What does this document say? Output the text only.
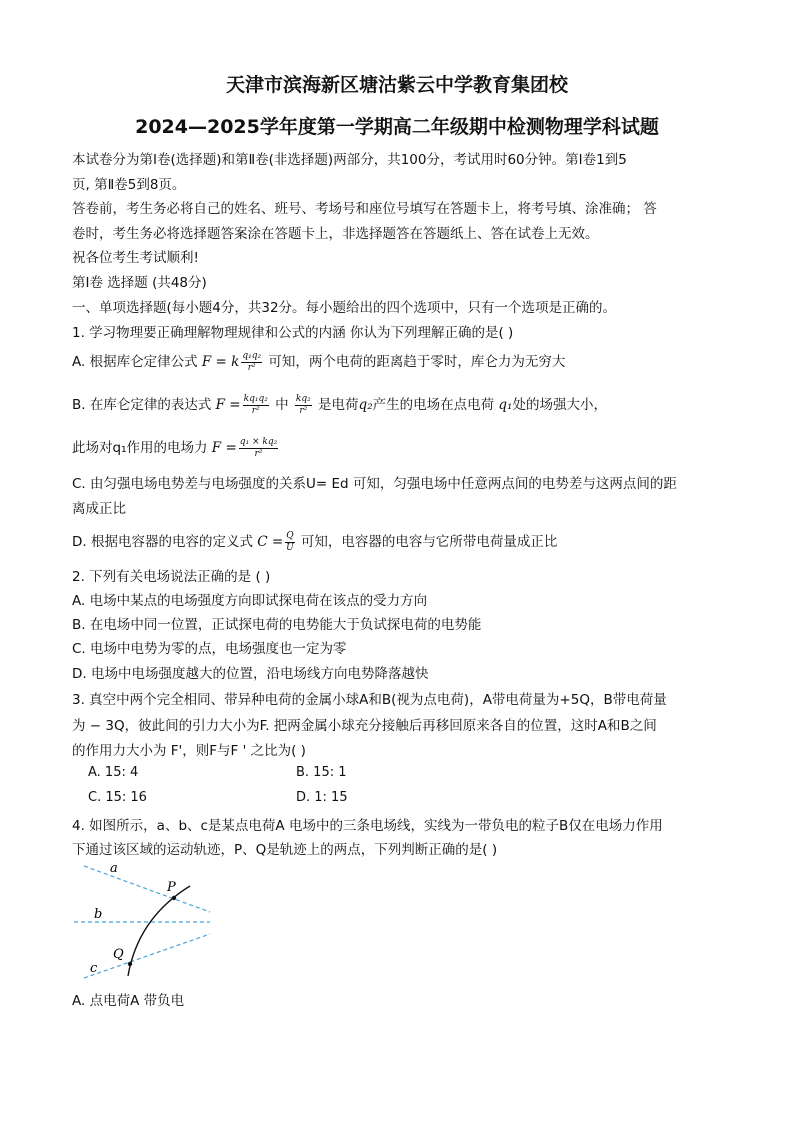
天津市滨海新区塘沽紫云中学教育集团校
2024—2025学年度第一学期高二年级期中检测物理学科试题
本试卷分为第Ⅰ卷(选择题)和第Ⅱ卷(非选择题)两部分，共100分，考试用时60分钟。第Ⅰ卷1到5
页, 第Ⅱ卷5到8页。
答卷前，考生务必将自己的姓名、班号、考场号和座位号填写在答题卡上，将考号填、涂准确； 答
卷时，考生务必将选择题答案涂在答题卡上，非选择题答在答题纸上、答在试卷上无效。
祝各位考生考试顺利!
第Ⅰ卷 选择题 (共48分)
一、单项选择题(每小题4分，共32分。每小题给出的四个选项中，只有一个选项是正确的。
1. 学习物理要正确理解物理规律和公式的内涵 你认为下列理解正确的是( )
A. 根据库仑定律公式 F = k $\frac{\text{q₁q₂}}{\text{r²}}$ 可知，两个电荷的距离趋于零时，库仑力为无穷大
B. 在库仑定律的表达式 $F = \frac{\text{kq₁q₂}}{\text{r²}}$ 中 $\frac{\text{kq₂}}{\text{r²}}$ 是电荷q₂产生的电场在点电荷 q₁处的场强大小，
此场对q₁作用的电场力 $F = \frac{\text{q₁ × kq₂}}{\text{r²}}$
C. 由匀强电场电势差与电场强度的关系U= Ed 可知，匀强电场中任意两点间的电势差与这两点间的距
离成正比
D. 根据电容器的电容的定义式 $C = \frac{Q}{U}$ 可知，电容器的电容与它所带电荷量成正比
2. 下列有关电场说法正确的是 ( )
A. 电场中某点的电场强度方向即试探电荷在该点的受力方向
B. 在电场中同一位置，正试探电荷的电势能大于负试探电荷的电势能
C. 电场中电势为零的点，电场强度也一定为零
D. 电场中电场强度越大的位置，沿电场线方向电势降落越快
3. 真空中两个完全相同、带异种电荷的金属小球A和B(视为点电荷)，A带电荷量为+5Q，B带电荷量
为 − 3Q，彼此间的引力大小为F. 把两金属小球充分接触后再移回原来各自的位置，这时A和B之间
的作用力大小为 F'，则F与F ' 之比为( )
A. 15: 4	B. 15: 1
C. 15: 16	D. 1: 15
4. 如图所示，a、b、c是某点电荷A 电场中的三条电场线，实线为一带负电的粒子B仅在电场力作用
下通过该区域的运动轨迹，P、Q是轨迹上的两点，下列判断正确的是( )
a
b
c
P
Q
A. 点电荷A 带负电
